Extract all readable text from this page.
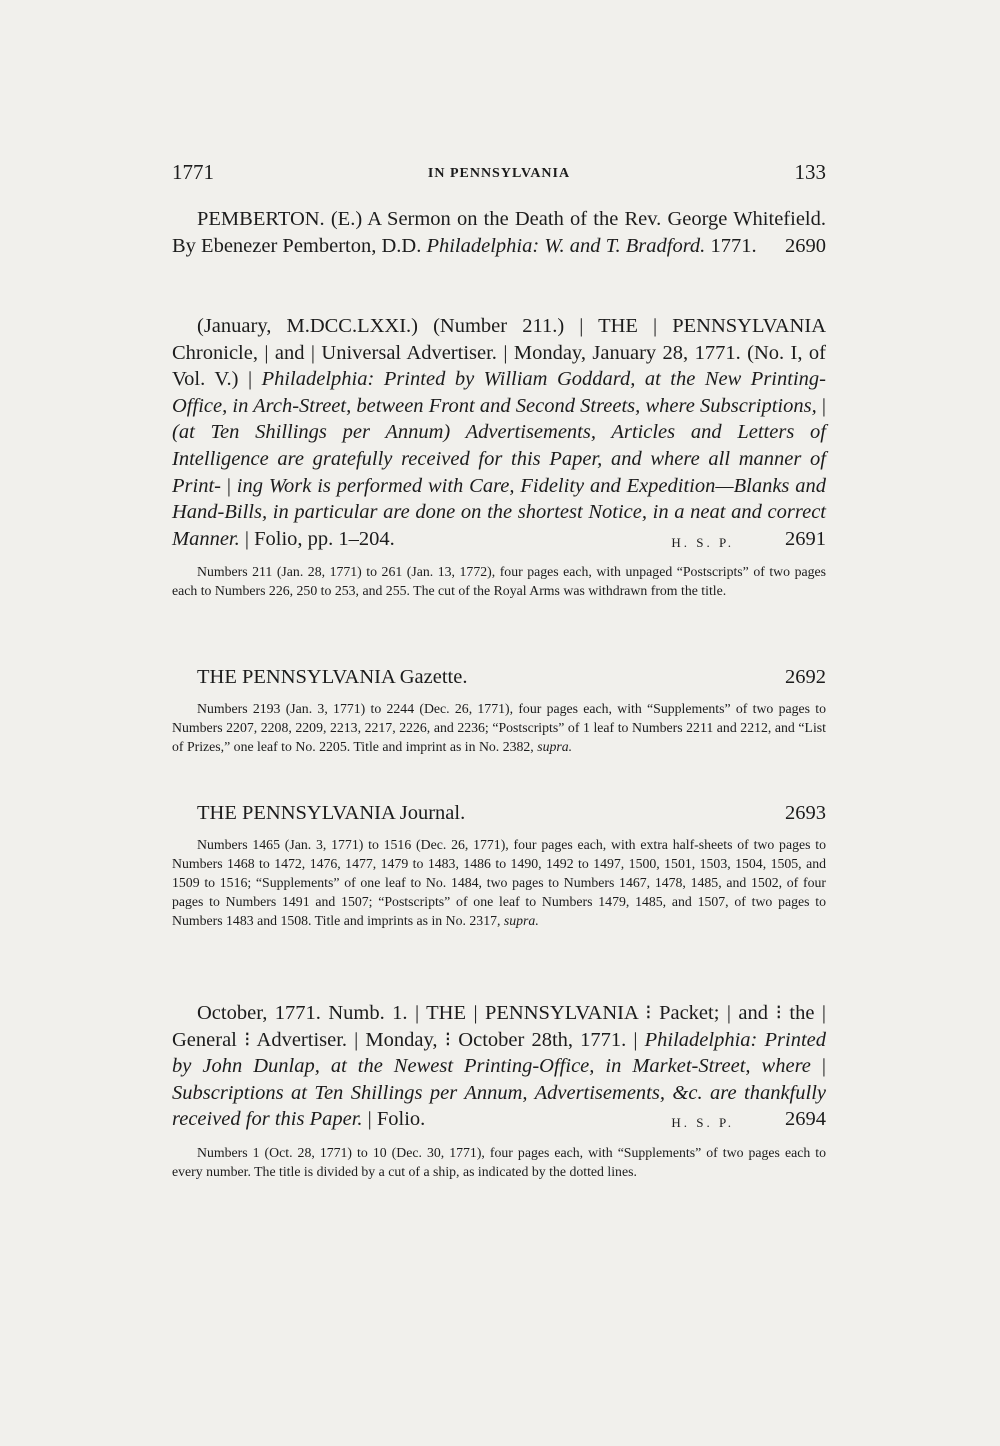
1771	IN PENNSYLVANIA	133

PEMBERTON. (E.) A Sermon on the Death of the Rev. George Whitefield. By Ebenezer Pemberton, D.D. Philadelphia: W. and T. Bradford. 1771.	2690

(January, M.DCC.LXXI.) (Number 211.) | THE | PENNSYLVANIA Chronicle, | and | Universal Advertiser. | Monday, January 28, 1771. (No. I, of Vol. V.) | Philadelphia: Printed by William Goddard, at the New Printing-Office, in Arch-Street, between Front and Second Streets, where Subscriptions, | (at Ten Shillings per Annum) Advertisements, Articles and Letters of Intelligence are gratefully received for this Paper, and where all manner of Print- | ing Work is performed with Care, Fidelity and Expedition—Blanks and Hand-Bills, in particular are done on the shortest Notice, in a neat and correct Manner. | Folio, pp. 1–204.	2691
H. S. P.

Numbers 211 (Jan. 28, 1771) to 261 (Jan. 13, 1772), four pages each, with unpaged “Postscripts” of two pages each to Numbers 226, 250 to 253, and 255. The cut of the Royal Arms was withdrawn from the title.

THE PENNSYLVANIA Gazette.	2692

Numbers 2193 (Jan. 3, 1771) to 2244 (Dec. 26, 1771), four pages each, with “Supplements” of two pages to Numbers 2207, 2208, 2209, 2213, 2217, 2226, and 2236; “Postscripts” of 1 leaf to Numbers 2211 and 2212, and “List of Prizes,” one leaf to No. 2205. Title and imprint as in No. 2382, supra.

THE PENNSYLVANIA Journal.	2693

Numbers 1465 (Jan. 3, 1771) to 1516 (Dec. 26, 1771), four pages each, with extra half-sheets of two pages to Numbers 1468 to 1472, 1476, 1477, 1479 to 1483, 1486 to 1490, 1492 to 1497, 1500, 1501, 1503, 1504, 1505, and 1509 to 1516; “Supplements” of one leaf to No. 1484, two pages to Numbers 1467, 1478, 1485, and 1502, of four pages to Numbers 1491 and 1507; “Postscripts” of one leaf to Numbers 1479, 1485, and 1507, of two pages to Numbers 1483 and 1508. Title and imprints as in No. 2317, supra.

October, 1771. Numb. 1. | THE | PENNSYLVANIA ⁝ Packet; | and ⁝ the | General ⁝ Advertiser. | Monday, ⁝ October 28th, 1771. | Philadelphia: Printed by John Dunlap, at the Newest Printing-Office, in Market-Street, where | Subscriptions at Ten Shillings per Annum, Advertisements, &c. are thankfully received for this Paper. | Folio.	2694
H. S. P.

Numbers 1 (Oct. 28, 1771) to 10 (Dec. 30, 1771), four pages each, with “Supplements” of two pages each to every number. The title is divided by a cut of a ship, as indicated by the dotted lines.
